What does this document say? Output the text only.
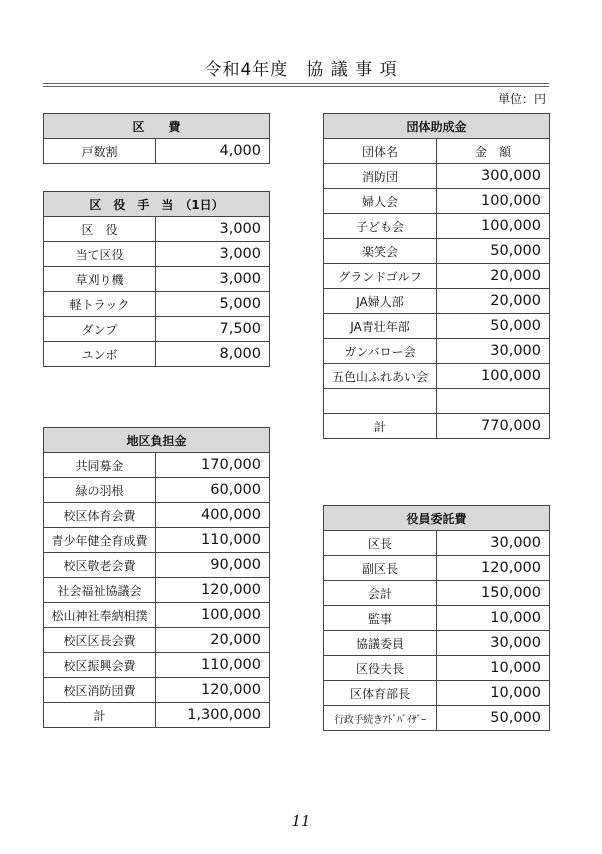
令和4年度　協 議 事 項
単位：円
区　　費
戸数割	4,000
区　役　手　当　（1日）	
区　役	3,000
当て区役	3,000
草刈り機	3,000
軽トラック	5,000
ダンプ	7,500
ユンボ	8,000
地区負担金	
共同募金	170,000
緑の羽根	60,000
校区体育会費	400,000
青少年健全育成費	110,000
校区敬老会費	90,000
社会福祉協議会	120,000
松山神社奉納相撲	100,000
校区区長会費	20,000
校区振興会費	110,000
校区消防団費	120,000
計	1,300,000
団体助成金	
団体名	金　額
消防団	300,000
婦人会	100,000
子ども会	100,000
楽笑会	50,000
グランドゴルフ	20,000
JA婦人部	20,000
JA青壮年部	50,000
ガンバロー会	30,000
五色山ふれあい会	100,000

計	770,000
役員委託費	
区長	30,000
副区長	120,000
会計	150,000
監事	10,000
協議委員	30,000
区役夫長	10,000
区体育部長	10,000
行政手続きｱﾄﾞﾊﾞｲｻﾞｰ	50,000
11
